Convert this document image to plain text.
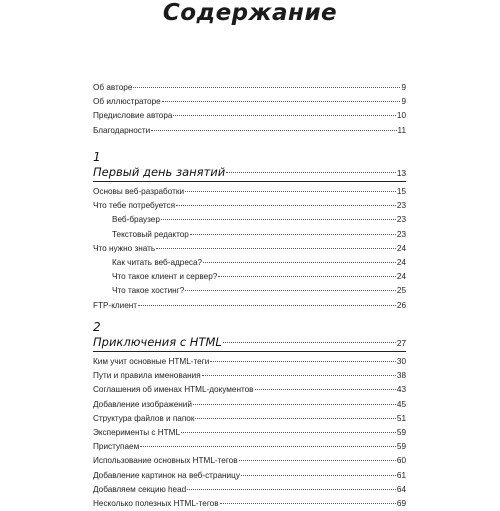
Содержание
Об авторе	9
Об иллюстраторе	9
Предисловие автора	10
Благодарности	11
1
Первый день занятий	13
Основы веб-разработки	15
Что тебе потребуется	23
Веб-браузер	23
Текстовый редактор	23
Что нужно знать	24
Как читать веб-адреса?	24
Что такое клиент и сервер?	24
Что такое хостинг?	25
FTP-клиент	26
2
Приключения с HTML	27
Ким учит основные HTML-теги	30
Пути и правила именования	38
Соглашения об именах HTML-документов	43
Добавление изображений	45
Структура файлов и папок	51
Эксперименты с HTML	59
Приступаем	59
Использование основных HTML-тегов	60
Добавление картинок на веб-страницу	61
Добавляем секцию head	64
Несколько полезных HTML-тегов	69
